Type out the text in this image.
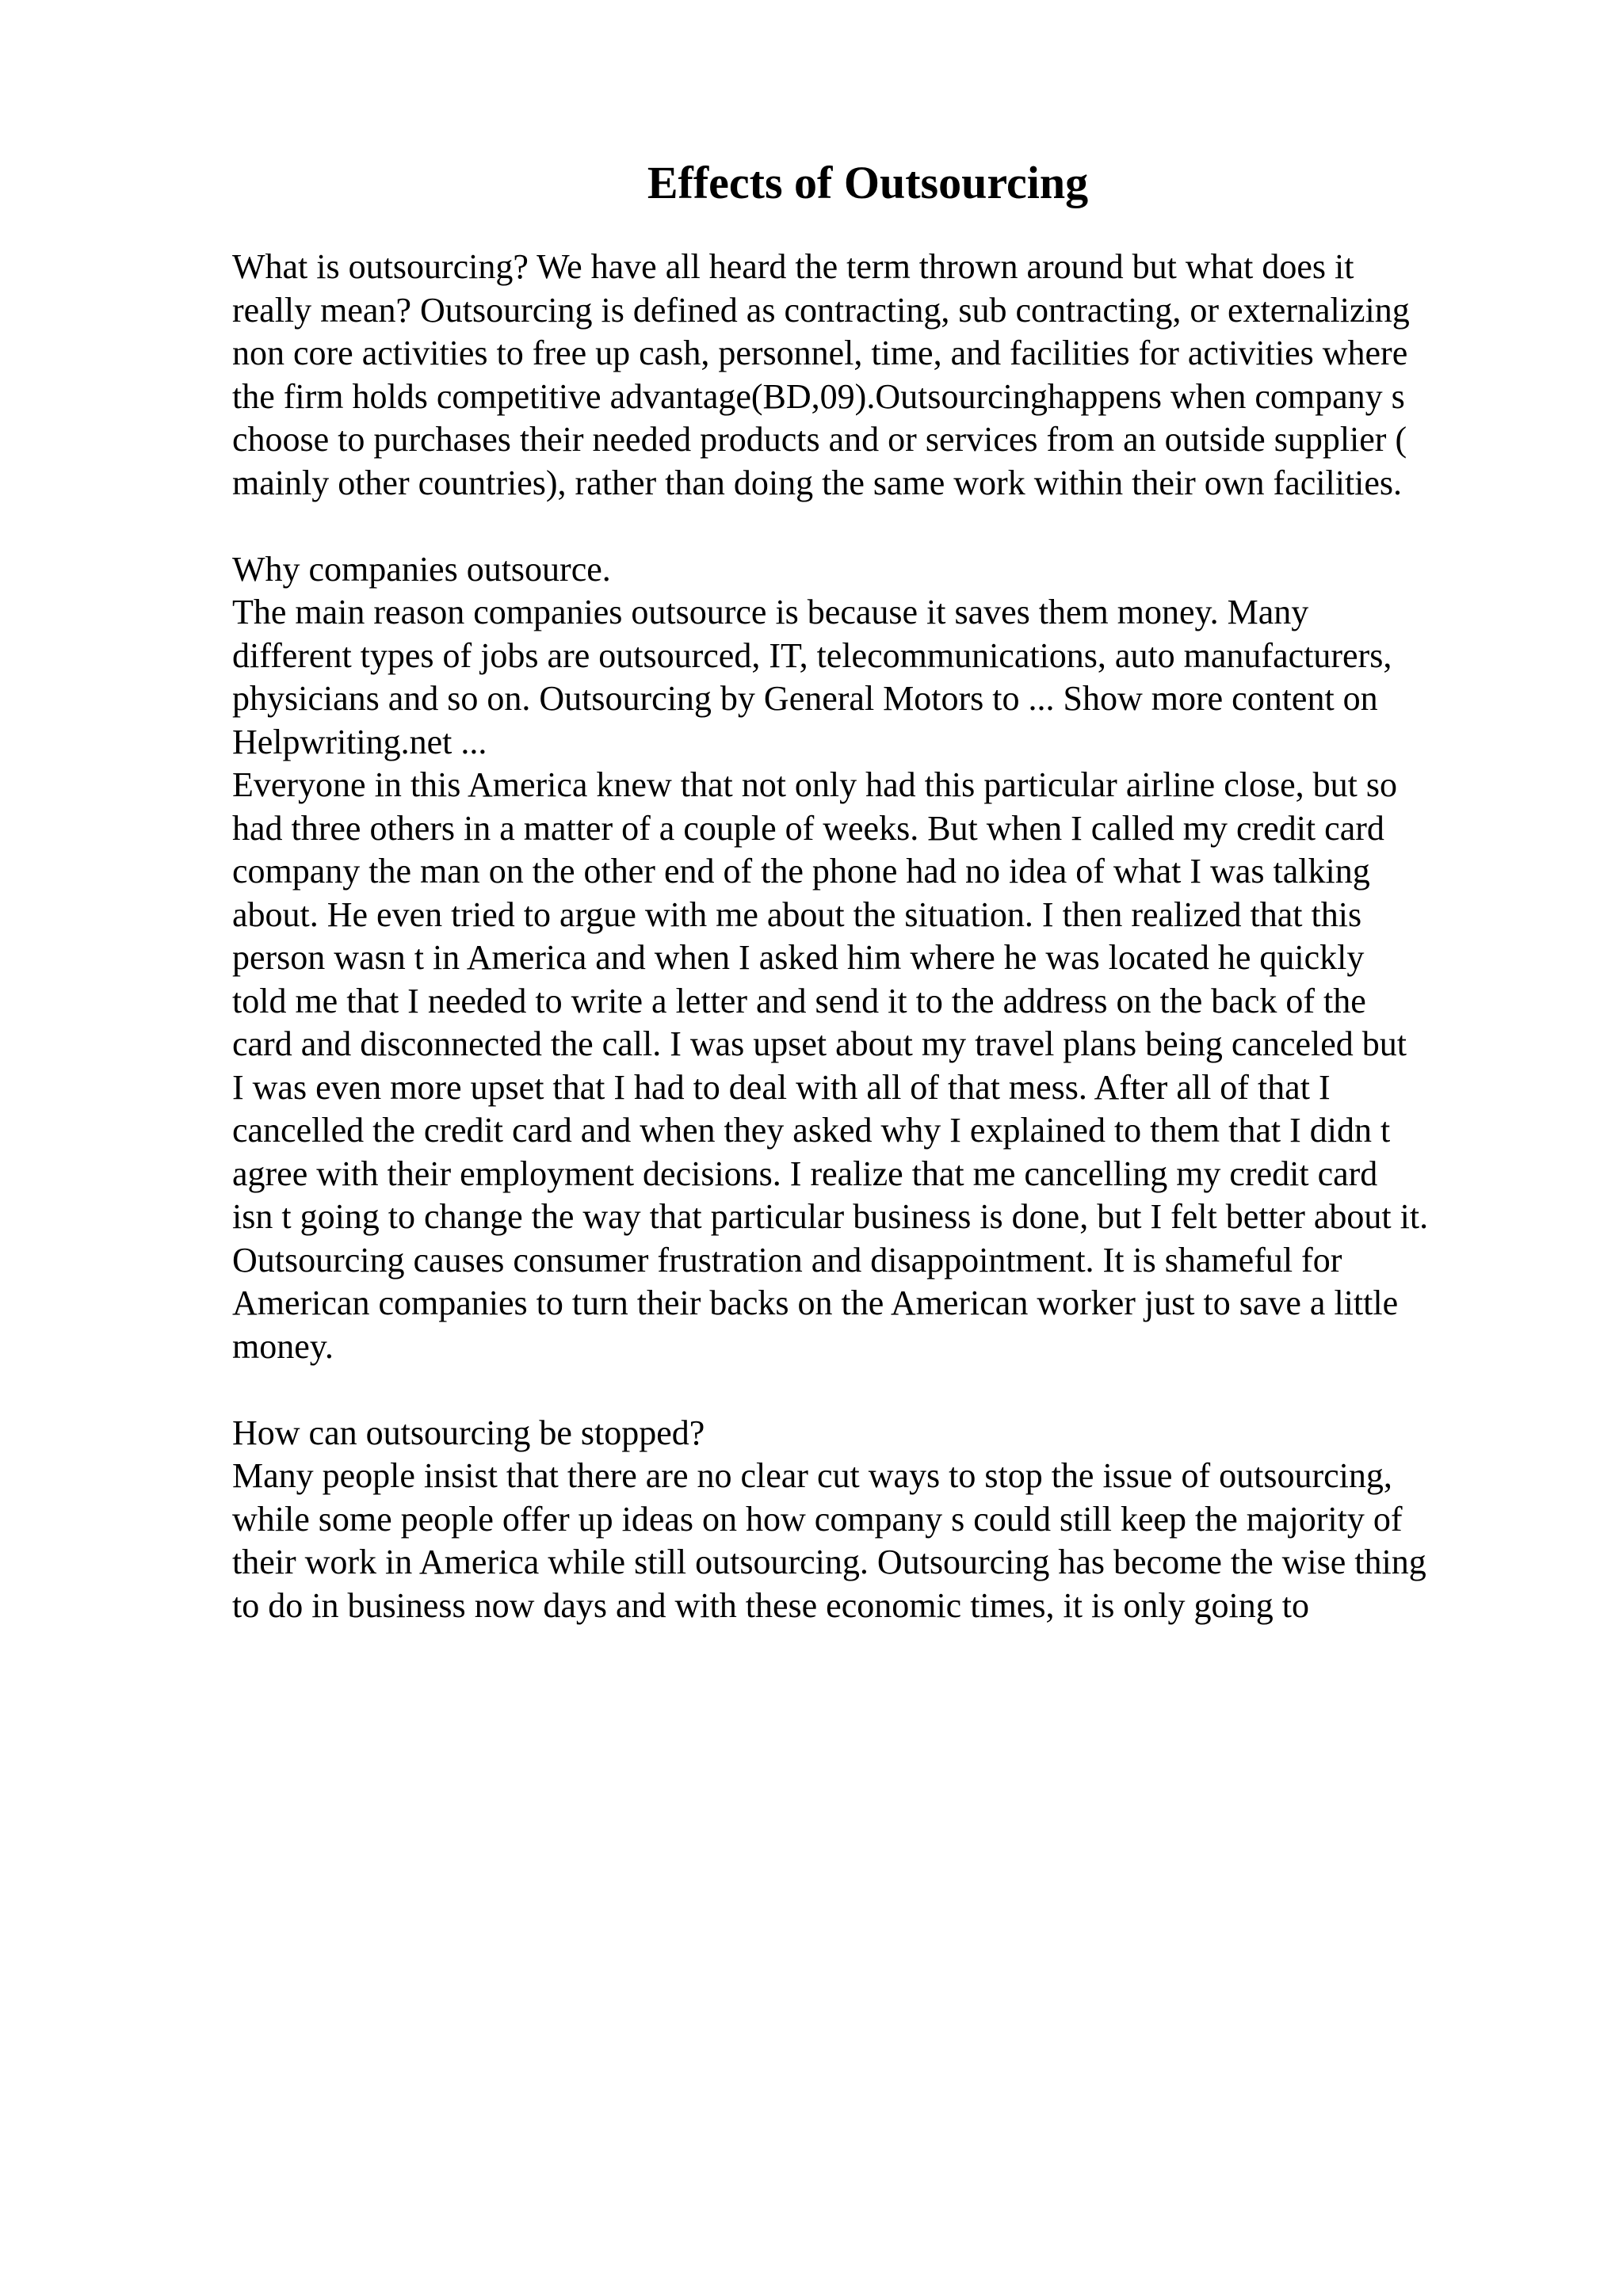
Effects of Outsourcing
What is outsourcing? We have all heard the term thrown around but what does it
really mean? Outsourcing is defined as contracting, sub contracting, or externalizing
non core activities to free up cash, personnel, time, and facilities for activities where
the firm holds competitive advantage(BD,09).Outsourcinghappens when company s
choose to purchases their needed products and or services from an outside supplier (
mainly other countries), rather than doing the same work within their own facilities.
Why companies outsource.
The main reason companies outsource is because it saves them money. Many
different types of jobs are outsourced, IT, telecommunications, auto manufacturers,
physicians and so on. Outsourcing by General Motors to ... Show more content on
Helpwriting.net ...
Everyone in this America knew that not only had this particular airline close, but so
had three others in a matter of a couple of weeks. But when I called my credit card
company the man on the other end of the phone had no idea of what I was talking
about. He even tried to argue with me about the situation. I then realized that this
person wasn t in America and when I asked him where he was located he quickly
told me that I needed to write a letter and send it to the address on the back of the
card and disconnected the call. I was upset about my travel plans being canceled but
I was even more upset that I had to deal with all of that mess. After all of that I
cancelled the credit card and when they asked why I explained to them that I didn t
agree with their employment decisions. I realize that me cancelling my credit card
isn t going to change the way that particular business is done, but I felt better about it.
Outsourcing causes consumer frustration and disappointment. It is shameful for
American companies to turn their backs on the American worker just to save a little
money.
How can outsourcing be stopped?
Many people insist that there are no clear cut ways to stop the issue of outsourcing,
while some people offer up ideas on how company s could still keep the majority of
their work in America while still outsourcing. Outsourcing has become the wise thing
to do in business now days and with these economic times, it is only going to
